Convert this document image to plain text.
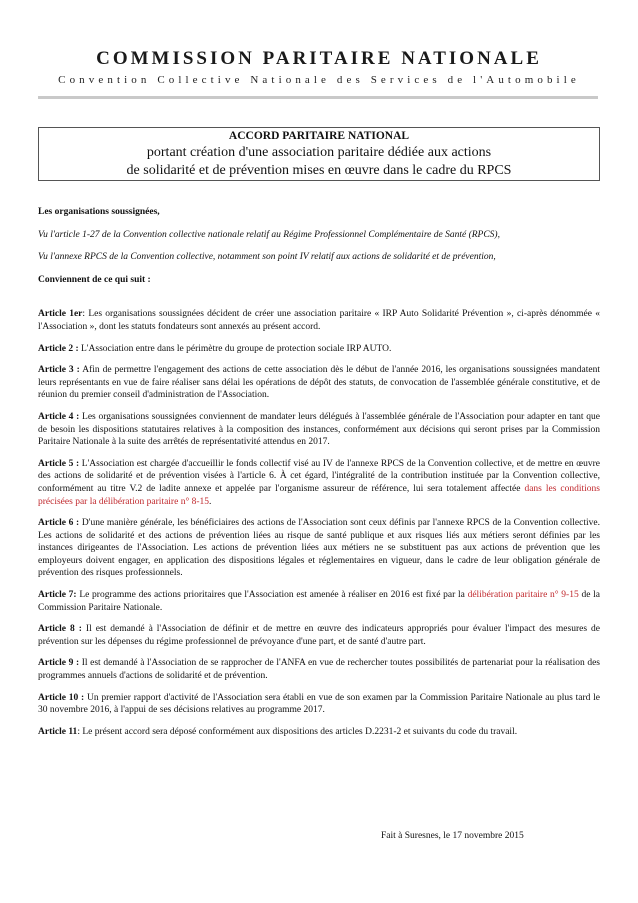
COMMISSION PARITAIRE NATIONALE
Convention Collective Nationale des Services de l'Automobile
ACCORD PARITAIRE NATIONAL
portant création d'une association paritaire dédiée aux actions
de solidarité et de prévention mises en œuvre dans le cadre du RPCS

Les organisations soussignées,

Vu l'article 1-27 de la Convention collective nationale relatif au Régime Professionnel Complémentaire de Santé (RPCS),

Vu l'annexe RPCS de la Convention collective, notamment son point IV relatif aux actions de solidarité et de prévention,

Conviennent de ce qui suit :

Article 1er: Les organisations soussignées décident de créer une association paritaire « IRP Auto Solidarité Prévention », ci-après dénommée « l'Association », dont les statuts fondateurs sont annexés au présent accord.

Article 2 : L'Association entre dans le périmètre du groupe de protection sociale IRP AUTO.

Article 3 : Afin de permettre l'engagement des actions de cette association dès le début de l'année 2016, les organisations soussignées mandatent leurs représentants en vue de faire réaliser sans délai les opérations de dépôt des statuts, de convocation de l'assemblée générale constitutive, et de réunion du premier conseil d'administration de l'Association.

Article 4 : Les organisations soussignées conviennent de mandater leurs délégués à l'assemblée générale de l'Association pour adapter en tant que de besoin les dispositions statutaires relatives à la composition des instances, conformément aux décisions qui seront prises par la Commission Paritaire Nationale à la suite des arrêtés de représentativité attendus en 2017.

Article 5 : L'Association est chargée d'accueillir le fonds collectif visé au IV de l'annexe RPCS de la Convention collective, et de mettre en œuvre des actions de solidarité et de prévention visées à l'article 6. À cet égard, l'intégralité de la contribution instituée par la Convention collective, conformément au titre V.2 de ladite annexe et appelée par l'organisme assureur de référence, lui sera totalement affectée dans les conditions précisées par la délibération paritaire n° 8-15.

Article 6 : D'une manière générale, les bénéficiaires des actions de l'Association sont ceux définis par l'annexe RPCS de la Convention collective. Les actions de solidarité et des actions de prévention liées au risque de santé publique et aux risques liés aux métiers seront définies par les instances dirigeantes de l'Association. Les actions de prévention liées aux métiers ne se substituent pas aux actions de prévention que les employeurs doivent engager, en application des dispositions légales et réglementaires en vigueur, dans le cadre de leur obligation générale de prévention des risques professionnels.

Article 7: Le programme des actions prioritaires que l'Association est amenée à réaliser en 2016 est fixé par la délibération paritaire n° 9-15 de la Commission Paritaire Nationale.

Article 8 : Il est demandé à l'Association de définir et de mettre en œuvre des indicateurs appropriés pour évaluer l'impact des mesures de prévention sur les dépenses du régime professionnel de prévoyance d'une part, et de santé d'autre part.

Article 9 : Il est demandé à l'Association de se rapprocher de l'ANFA en vue de rechercher toutes possibilités de partenariat pour la réalisation des programmes annuels d'actions de solidarité et de prévention.

Article 10 : Un premier rapport d'activité de l'Association sera établi en vue de son examen par la Commission Paritaire Nationale au plus tard le 30 novembre 2016, à l'appui de ses décisions relatives au programme 2017.

Article 11: Le présent accord sera déposé conformément aux dispositions des articles D.2231-2 et suivants du code du travail.

Fait à Suresnes, le 17 novembre 2015
